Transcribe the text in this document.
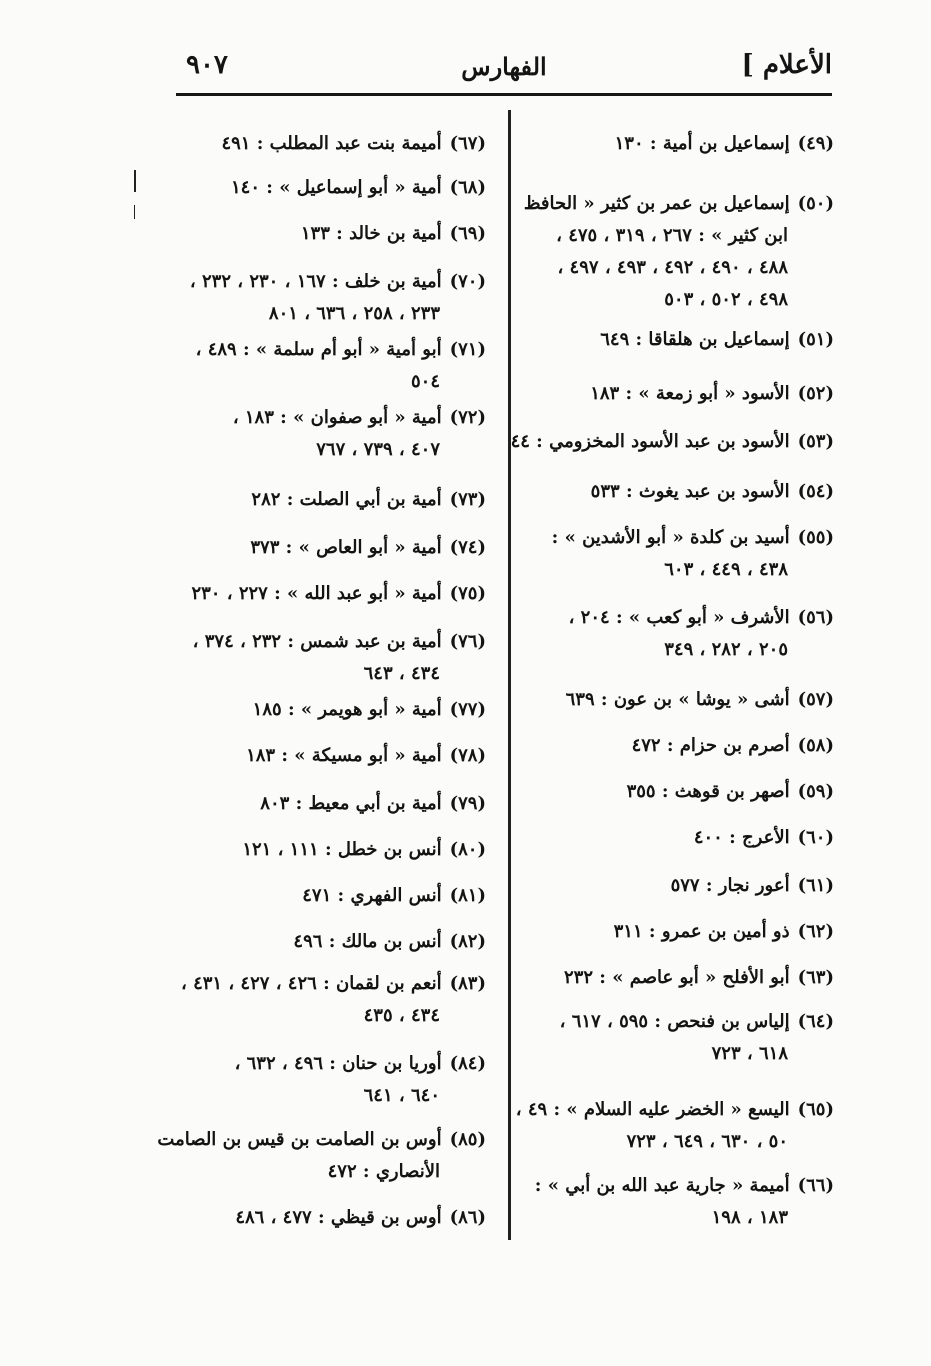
٩٠٧	الفهارس	الأعلام ]
(٤٩)إسماعيل بن أمية : ١٣٠
(٥٠)إسماعيل بن عمر بن كثير « الحافظ
ابن كثير » : ٢٦٧ ، ٣١٩ ، ٤٧٥ ،
٤٨٨ ، ٤٩٠ ، ٤٩٢ ، ٤٩٣ ، ٤٩٧ ،
٤٩٨ ، ٥٠٢ ، ٥٠٣
(٥١)إسماعيل بن هلقاقا : ٦٤٩
(٥٢)الأسود « أبو زمعة » : ١٨٣
(٥٣)الأسود بن عبد الأسود المخزومي : ٤٤
(٥٤)الأسود بن عبد يغوث : ٥٣٣
(٥٥)أسيد بن كلدة « أبو الأشدين » :
٤٣٨ ، ٤٤٩ ، ٦٠٣
(٥٦)الأشرف « أبو كعب » : ٢٠٤ ،
٢٠٥ ، ٢٨٢ ، ٣٤٩
(٥٧)أشى « يوشا » بن عون : ٦٣٩
(٥٨)أصرم بن حزام : ٤٧٢
(٥٩)أصهر بن قوهث : ٣٥٥
(٦٠)الأعرج : ٤٠٠
(٦١)أعور نجار : ٥٧٧
(٦٢)ذو أمين بن عمرو : ٣١١
(٦٣)أبو الأفلح « أبو عاصم » : ٢٣٢
(٦٤)إلياس بن فنحص : ٥٩٥ ، ٦١٧ ،
٦١٨ ، ٧٢٣
(٦٥)اليسع « الخضر عليه السلام » : ٤٩ ،
٥٠ ، ٦٣٠ ، ٦٤٩ ، ٧٢٣
(٦٦)أميمة « جارية عبد الله بن أبي » :
١٨٣ ، ١٩٨
(٦٧)أميمة بنت عبد المطلب : ٤٩١
(٦٨)أمية « أبو إسماعيل » : ١٤٠
(٦٩)أمية بن خالد : ١٣٣
(٧٠)أمية بن خلف : ١٦٧ ، ٢٣٠ ، ٢٣٢ ،
٢٣٣ ، ٢٥٨ ، ٦٣٦ ، ٨٠١
(٧١)أبو أمية « أبو أم سلمة » : ٤٨٩ ،
٥٠٤
(٧٢)أمية « أبو صفوان » : ١٨٣ ،
٤٠٧ ، ٧٣٩ ، ٧٦٧
(٧٣)أمية بن أبي الصلت : ٢٨٢
(٧٤)أمية « أبو العاص » : ٣٧٣
(٧٥)أمية « أبو عبد الله » : ٢٢٧ ، ٢٣٠
(٧٦)أمية بن عبد شمس : ٢٣٢ ، ٣٧٤ ،
٤٣٤ ، ٦٤٣
(٧٧)أمية « أبو هويمر » : ١٨٥
(٧٨)أمية « أبو مسيكة » : ١٨٣
(٧٩)أمية بن أبي معيط : ٨٠٣
(٨٠)أنس بن خطل : ١١١ ، ١٢١
(٨١)أنس الفهري : ٤٧١
(٨٢)أنس بن مالك : ٤٩٦
(٨٣)أنعم بن لقمان : ٤٢٦ ، ٤٢٧ ، ٤٣١ ،
٤٣٤ ، ٤٣٥
(٨٤)أوريا بن حنان : ٤٩٦ ، ٦٣٢ ،
٦٤٠ ، ٦٤١
(٨٥)أوس بن الصامت بن قيس بن الصامت
الأنصاري : ٤٧٢
(٨٦)أوس بن قيظي : ٤٧٧ ، ٤٨٦
